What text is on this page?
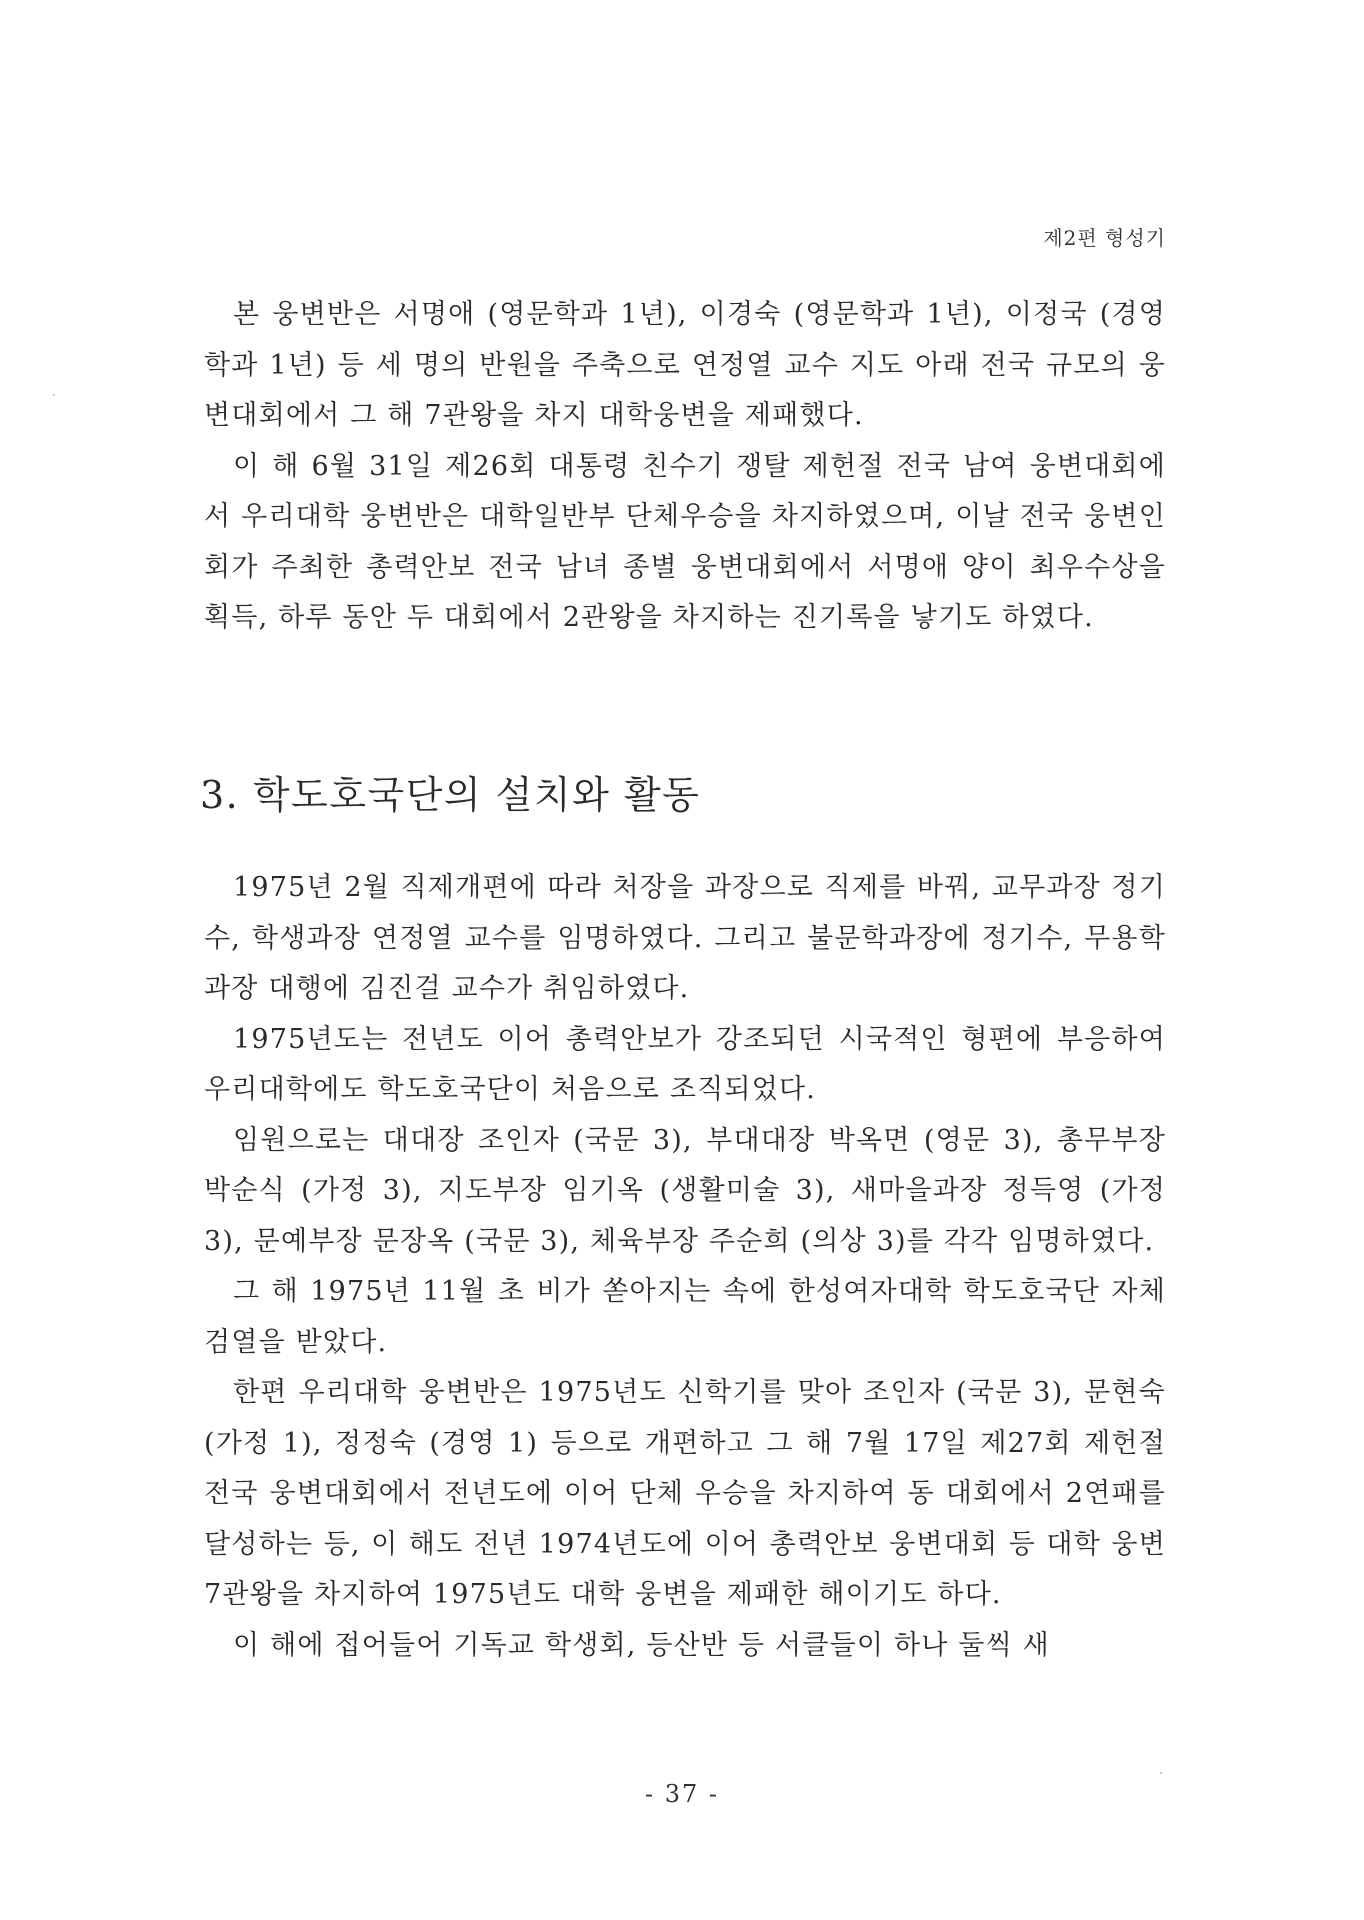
제2편 형성기

본 웅변반은 서명애 (영문학과 1년), 이경숙 (영문학과 1년), 이정국 (경영학과 1년) 등 세 명의 반원을 주축으로 연정열 교수 지도 아래 전국 규모의 웅변대회에서 그 해 7관왕을 차지 대학웅변을 제패했다.

이 해 6월 31일 제26회 대통령 친수기 쟁탈 제헌절 전국 남여 웅변대회에서 우리대학 웅변반은 대학일반부 단체우승을 차지하였으며, 이날 전국 웅변인회가 주최한 총력안보 전국 남녀 종별 웅변대회에서 서명애 양이 최우수상을 획득, 하루 동안 두 대회에서 2관왕을 차지하는 진기록을 낳기도 하였다.

3. 학도호국단의 설치와 활동

1975년 2월 직제개편에 따라 처장을 과장으로 직제를 바꿔, 교무과장 정기수, 학생과장 연정열 교수를 임명하였다. 그리고 불문학과장에 정기수, 무용학과장 대행에 김진걸 교수가 취임하였다.

1975년도는 전년도 이어 총력안보가 강조되던 시국적인 형편에 부응하여 우리대학에도 학도호국단이 처음으로 조직되었다.

임원으로는 대대장 조인자 (국문 3), 부대대장 박옥면 (영문 3), 총무부장 박순식 (가정 3), 지도부장 임기옥 (생활미술 3), 새마을과장 정득영 (가정 3), 문예부장 문장옥 (국문 3), 체육부장 주순희 (의상 3)를 각각 임명하였다.

그 해 1975년 11월 초 비가 쏟아지는 속에 한성여자대학 학도호국단 자체검열을 받았다.

한편 우리대학 웅변반은 1975년도 신학기를 맞아 조인자 (국문 3), 문현숙 (가정 1), 정정숙 (경영 1) 등으로 개편하고 그 해 7월 17일 제27회 제헌절 전국 웅변대회에서 전년도에 이어 단체 우승을 차지하여 동 대회에서 2연패를 달성하는 등, 이 해도 전년 1974년도에 이어 총력안보 웅변대회 등 대학 웅변 7관왕을 차지하여 1975년도 대학 웅변을 제패한 해이기도 하다.

이 해에 접어들어 기독교 학생회, 등산반 등 서클들이 하나 둘씩 새

- 37 -
